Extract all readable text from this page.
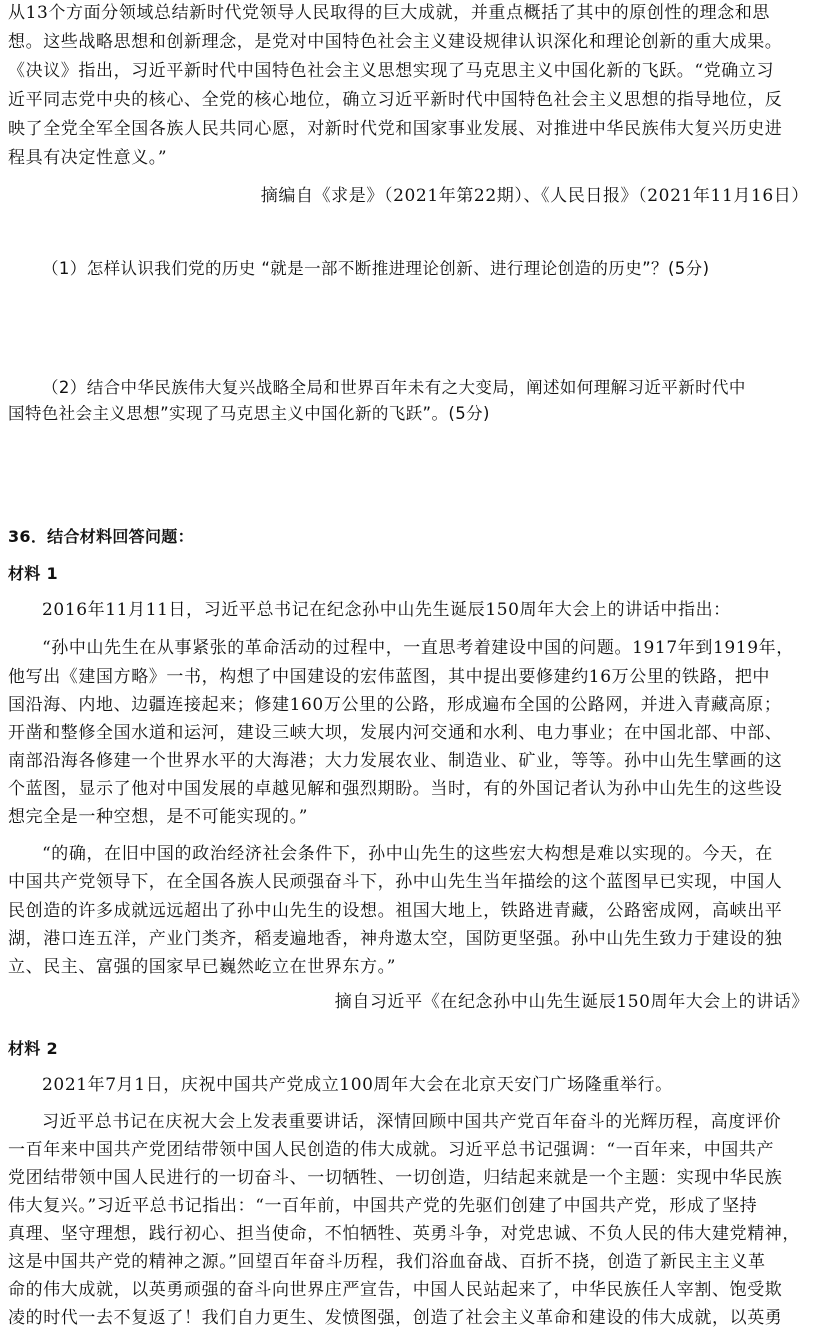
从13个方面分领域总结新时代党领导人民取得的巨大成就，并重点概括了其中的原创性的理念和思
想。这些战略思想和创新理念，是党对中国特色社会主义建设规律认识深化和理论创新的重大成果。
《决议》指出，习近平新时代中国特色社会主义思想实现了马克思主义中国化新的飞跃。“党确立习
近平同志党中央的核心、全党的核心地位，确立习近平新时代中国特色社会主义思想的指导地位，反
映了全党全军全国各族人民共同心愿，对新时代党和国家事业发展、对推进中华民族伟大复兴历史进
程具有决定性意义。”
摘编自《求是》（2021年第22期）、《人民日报》（2021年11月16日）
（1）怎样认识我们党的历史 “就是一部不断推进理论创新、进行理论创造的历史”？(5分)
（2）结合中华民族伟大复兴战略全局和世界百年未有之大变局，阐述如何理解习近平新时代中
国特色社会主义思想”实现了马克思主义中国化新的飞跃”。(5分)
36．结合材料回答问题：
材料 1
2016年11月11日，习近平总书记在纪念孙中山先生诞辰150周年大会上的讲话中指出：
“孙中山先生在从事紧张的革命活动的过程中，一直思考着建设中国的问题。1917年到1919年，
他写出《建国方略》一书，构想了中国建设的宏伟蓝图，其中提出要修建约16万公里的铁路，把中
国沿海、内地、边疆连接起来；修建160万公里的公路，形成遍布全国的公路网，并进入青藏高原；
开凿和整修全国水道和运河，建设三峡大坝，发展内河交通和水利、电力事业；在中国北部、中部、
南部沿海各修建一个世界水平的大海港；大力发展农业、制造业、矿业，等等。孙中山先生擘画的这
个蓝图，显示了他对中国发展的卓越见解和强烈期盼。当时，有的外国记者认为孙中山先生的这些设
想完全是一种空想，是不可能实现的。”
“的确，在旧中国的政治经济社会条件下，孙中山先生的这些宏大构想是难以实现的。今天，在
中国共产党领导下，在全国各族人民顽强奋斗下，孙中山先生当年描绘的这个蓝图早已实现，中国人
民创造的许多成就远远超出了孙中山先生的设想。祖国大地上，铁路进青藏，公路密成网，高峡出平
湖，港口连五洋，产业门类齐，稻麦遍地香，神舟遨太空，国防更坚强。孙中山先生致力于建设的独
立、民主、富强的国家早已巍然屹立在世界东方。”
摘自习近平《在纪念孙中山先生诞辰150周年大会上的讲话》
材料 2
2021年7月1日，庆祝中国共产党成立100周年大会在北京天安门广场隆重举行。
习近平总书记在庆祝大会上发表重要讲话，深情回顾中国共产党百年奋斗的光辉历程，高度评价
一百年来中国共产党团结带领中国人民创造的伟大成就。习近平总书记强调：“一百年来，中国共产
党团结带领中国人民进行的一切奋斗、一切牺牲、一切创造，归结起来就是一个主题：实现中华民族
伟大复兴。”习近平总书记指出：“一百年前，中国共产党的先驱们创建了中国共产党，形成了坚持
真理、坚守理想，践行初心、担当使命，不怕牺牲、英勇斗争，对党忠诚、不负人民的伟大建党精神，
这是中国共产党的精神之源。”回望百年奋斗历程，我们浴血奋战、百折不挠，创造了新民主主义革
命的伟大成就，以英勇顽强的奋斗向世界庄严宣告，中国人民站起来了，中华民族任人宰割、饱受欺
凌的时代一去不复返了！我们自力更生、发愤图强，创造了社会主义革命和建设的伟大成就，以英勇
